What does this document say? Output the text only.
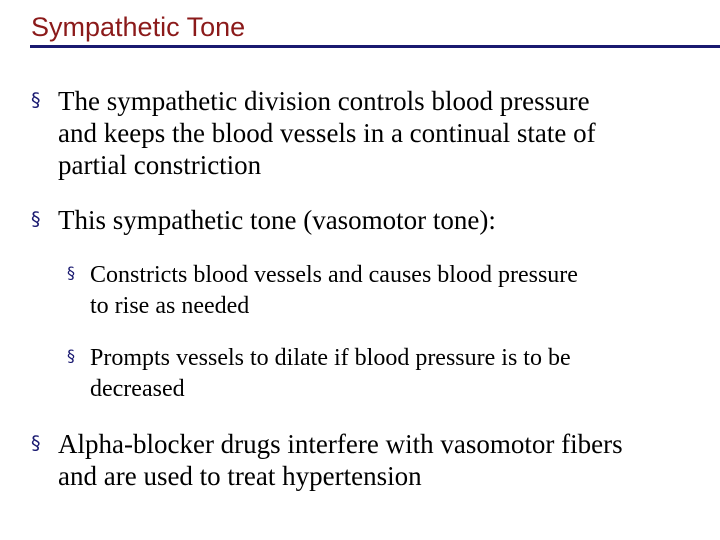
Sympathetic Tone
§ The sympathetic division controls blood pressure
and keeps the blood vessels in a continual state of
partial constriction
§ This sympathetic tone (vasomotor tone):
§ Constricts blood vessels and causes blood pressure
to rise as needed
§ Prompts vessels to dilate if blood pressure is to be
decreased
§ Alpha-blocker drugs interfere with vasomotor fibers
and are used to treat hypertension
